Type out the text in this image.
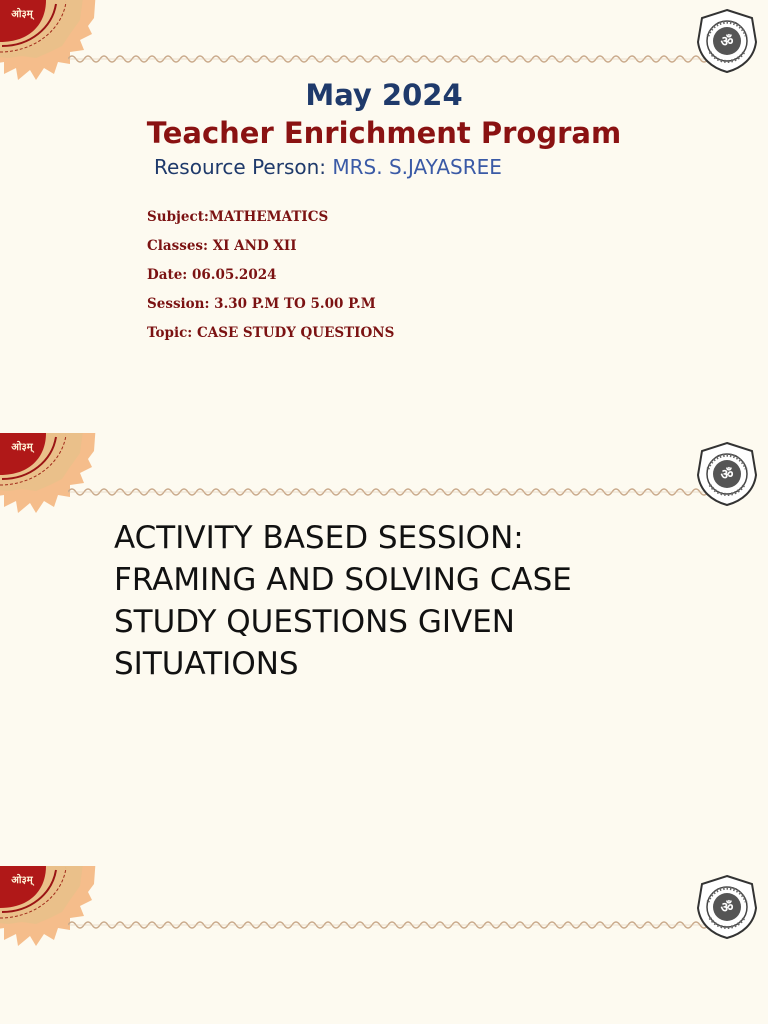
ओ३म्
ॐ
May 2024
Teacher Enrichment Program
Resource Person: MRS. S.JAYASREE
Subject:MATHEMATICS
Classes: XI AND XII
Date: 06.05.2024
Session: 3.30 P.M TO 5.00 P.M
Topic: CASE STUDY QUESTIONS
ओ३म्
ॐ
ACTIVITY BASED SESSION:
FRAMING AND SOLVING CASE
STUDY QUESTIONS GIVEN
SITUATIONS
ओ३म्
ॐ
